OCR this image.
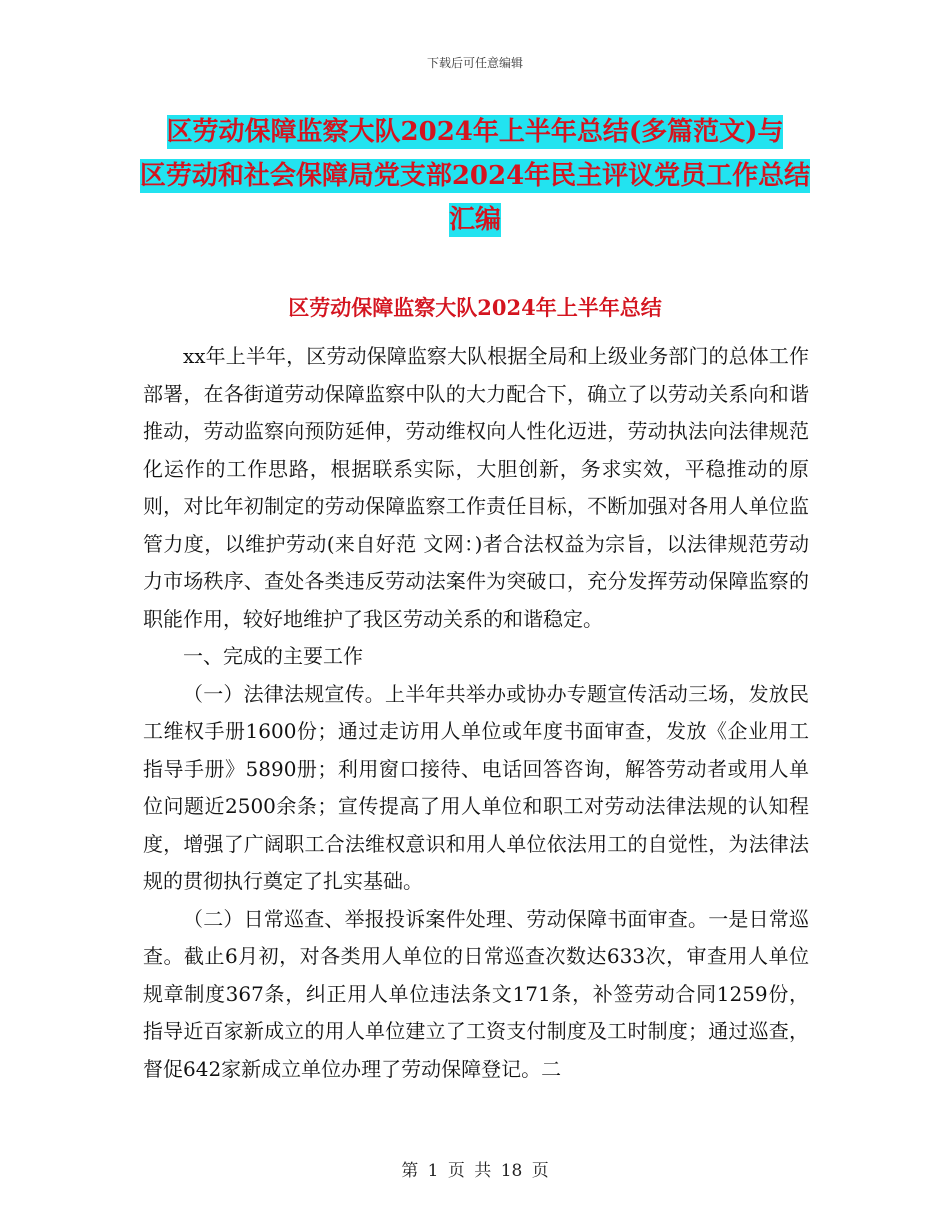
下载后可任意编辑
区劳动保障监察大队2024年上半年总结(多篇范文)与
区劳动和社会保障局党支部2024年民主评议党员工作总结
汇编
区劳动保障监察大队2024年上半年总结

xx年上半年，区劳动保障监察大队根据全局和上级业务部门的总体工作部署，在各街道劳动保障监察中队的大力配合下，确立了以劳动关系向和谐推动，劳动监察向预防延伸，劳动维权向人性化迈进，劳动执法向法律规范化运作的工作思路，根据联系实际，大胆创新，务求实效，平稳推动的原则，对比年初制定的劳动保障监察工作责任目标，不断加强对各用人单位监管力度，以维护劳动(来自好范 文网：)者合法权益为宗旨，以法律规范劳动力市场秩序、查处各类违反劳动法案件为突破口，充分发挥劳动保障监察的职能作用，较好地维护了我区劳动关系的和谐稳定。

一、完成的主要工作

（一）法律法规宣传。上半年共举办或协办专题宣传活动三场，发放民工维权手册1600份；通过走访用人单位或年度书面审查，发放《企业用工指导手册》5890册；利用窗口接待、电话回答咨询，解答劳动者或用人单位问题近2500余条；宣传提高了用人单位和职工对劳动法律法规的认知程度，增强了广阔职工合法维权意识和用人单位依法用工的自觉性，为法律法规的贯彻执行奠定了扎实基础。

（二）日常巡查、举报投诉案件处理、劳动保障书面审查。一是日常巡查。截止6月初，对各类用人单位的日常巡查次数达633次，审查用人单位规章制度367条，纠正用人单位违法条文171条，补签劳动合同1259份，指导近百家新成立的用人单位建立了工资支付制度及工时制度；通过巡查，督促642家新成立单位办理了劳动保障登记。二

第 1 页 共 18 页
